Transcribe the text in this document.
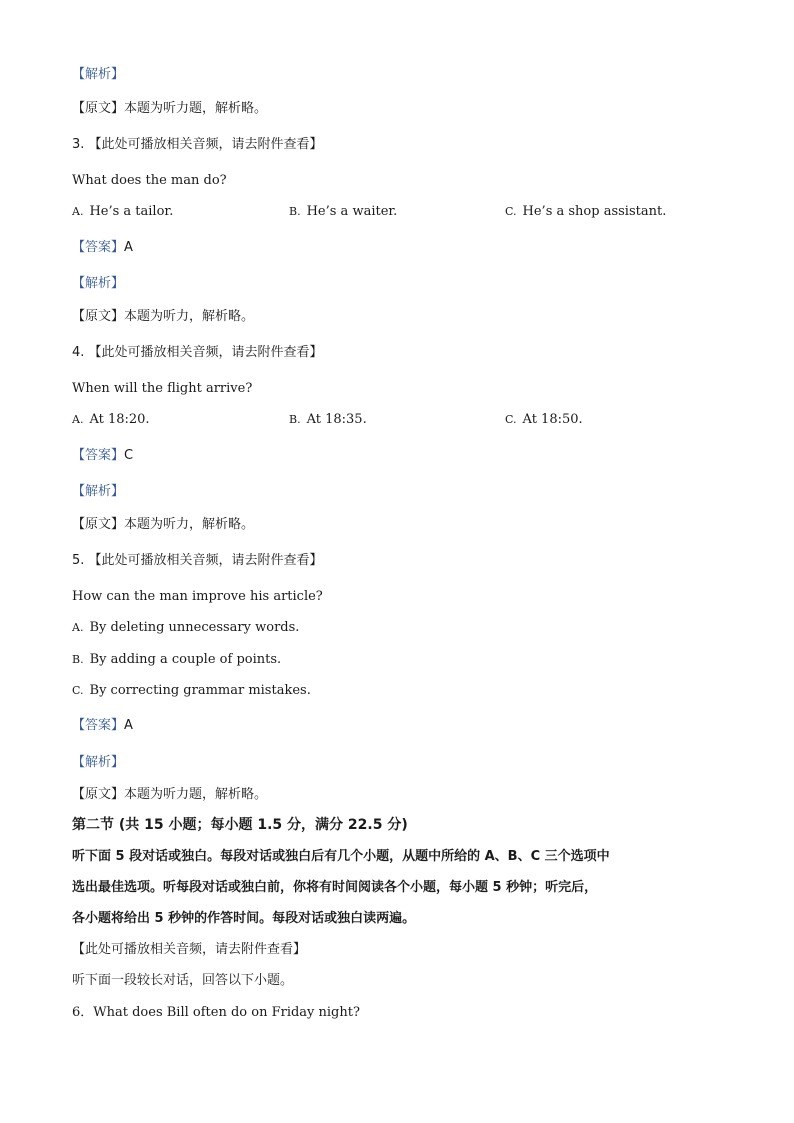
【解析】
【原文】本题为听力题，解析略。
3. 【此处可播放相关音频，请去附件查看】
What does the man do?
A. He’s a tailor.	B. He’s a waiter.	C. He’s a shop assistant.
【答案】A
【解析】
【原文】本题为听力，解析略。
4. 【此处可播放相关音频，请去附件查看】
When will the flight arrive?
A. At 18:20.	B. At 18:35.	C. At 18:50.
【答案】C
【解析】
【原文】本题为听力，解析略。
5. 【此处可播放相关音频，请去附件查看】
How can the man improve his article?
A. By deleting unnecessary words.
B. By adding a couple of points.
C. By correcting grammar mistakes.
【答案】A
【解析】
【原文】本题为听力题，解析略。
第二节 (共 15 小题；每小题 1.5 分，满分 22.5 分)
听下面 5 段对话或独白。每段对话或独白后有几个小题，从题中所给的 A、B、C 三个选项中
选出最佳选项。听每段对话或独白前，你将有时间阅读各个小题，每小题 5 秒钟；听完后，
各小题将给出 5 秒钟的作答时间。每段对话或独白读两遍。
【此处可播放相关音频，请去附件查看】
听下面一段较长对话，回答以下小题。
6．What does Bill often do on Friday night?
